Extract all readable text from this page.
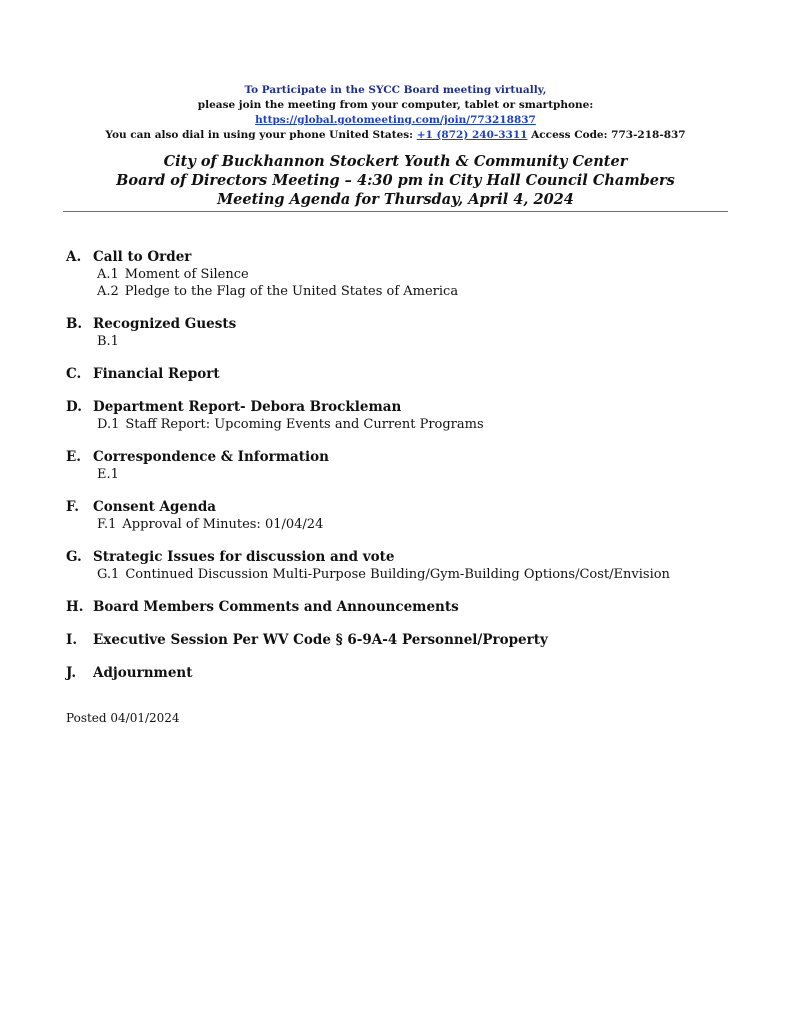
To Participate in the SYCC Board meeting virtually,
please join the meeting from your computer, tablet or smartphone:
https://global.gotomeeting.com/join/773218837
You can also dial in using your phone United States: +1 (872) 240-3311 Access Code: 773-218-837
City of Buckhannon Stockert Youth & Community Center
Board of Directors Meeting – 4:30 pm in City Hall Council Chambers
Meeting Agenda for Thursday, April 4, 2024
A. Call to Order
A.1 Moment of Silence
A.2 Pledge to the Flag of the United States of America
B. Recognized Guests
B.1
C. Financial Report
D. Department Report- Debora Brockleman
D.1 Staff Report: Upcoming Events and Current Programs
E. Correspondence & Information
E.1
F.	Consent Agenda
F.1 Approval of Minutes: 01/04/24
G. Strategic Issues for discussion and vote
G.1 Continued Discussion Multi-Purpose Building/Gym-Building Options/Cost/Envision
H. Board Members Comments and Announcements
I.	Executive Session Per WV Code § 6-9A-4 Personnel/Property
J.	Adjournment
Posted 04/01/2024
